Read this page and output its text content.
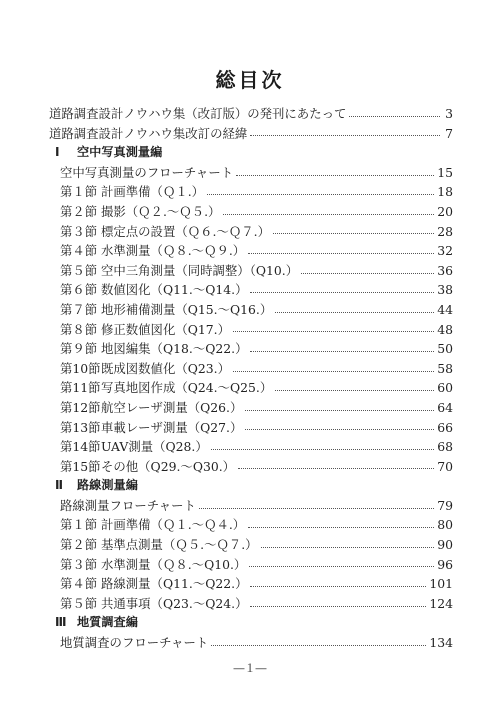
総目次
道路調査設計ノウハウ集（改訂版）の発刊にあたって	3
道路調査設計ノウハウ集改訂の経緯	7
Ⅰ	空中写真測量編
空中写真測量のフローチャート	15
第１節 計画準備（Ｑ１.）	18
第２節 撮影（Ｑ２.～Ｑ５.）	20
第３節 標定点の設置（Ｑ６.～Ｑ７.）	28
第４節 水準測量（Ｑ８.～Ｑ９.）	32
第５節 空中三角測量（同時調整）（Q10.）	36
第６節 数値図化（Q11.～Q14.）	38
第７節 地形補備測量（Q15.～Q16.）	44
第８節 修正数値図化（Q17.）	48
第９節 地図編集（Q18.～Q22.）	50
第10節 既成図数値化（Q23.）	58
第11節 写真地図作成（Q24.～Q25.）	60
第12節 航空レーザ測量（Q26.）	64
第13節 車載レーザ測量（Q27.）	66
第14節 UAV測量（Q28.）	68
第15節 その他（Q29.～Q30.）	70
Ⅱ	路線測量編
路線測量フローチャート	79
第１節 計画準備（Ｑ１.～Ｑ４.）	80
第２節 基準点測量（Ｑ５.～Ｑ７.）	90
第３節 水準測量（Ｑ８.～Q10.）	96
第４節 路線測量（Q11.～Q22.）	101
第５節 共通事項（Q23.～Q24.）	124
Ⅲ 地質調査編
地質調査のフローチャート	134
―１―
